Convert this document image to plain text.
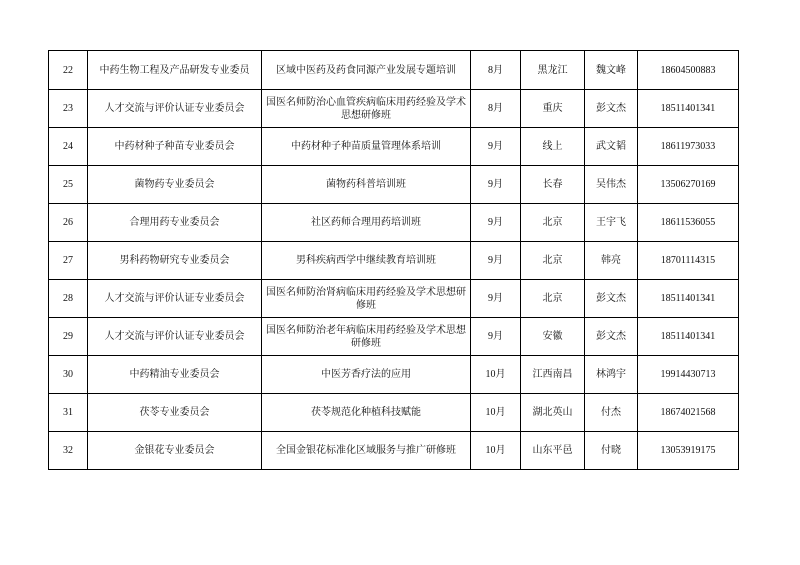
22	中药生物工程及产品研发专业委员	区域中医药及药食同源产业发展专题培训	8月	黑龙江	魏文峰	18604500883
23	人才交流与评价认证专业委员会	国医名师防治心血管疾病临床用药经验及学术思想研修班	8月	重庆	彭文杰	18511401341
24	中药材种子种苗专业委员会	中药材种子种苗质量管理体系培训	9月	线上	武文韬	18611973033
25	菌物药专业委员会	菌物药科普培训班	9月	长春	吴伟杰	13506270169
26	合理用药专业委员会	社区药师合理用药培训班	9月	北京	王宇飞	18611536055
27	男科药物研究专业委员会	男科疾病西学中继续教育培训班	9月	北京	韩亮	18701114315
28	人才交流与评价认证专业委员会	国医名师防治肾病临床用药经验及学术思想研修班	9月	北京	彭文杰	18511401341
29	人才交流与评价认证专业委员会	国医名师防治老年病临床用药经验及学术思想研修班	9月	安徽	彭文杰	18511401341
30	中药精油专业委员会	中医芳香疗法的应用	10月	江西南昌	林鸿宇	19914430713
31	茯苓专业委员会	茯苓规范化种植科技赋能	10月	湖北英山	付杰	18674021568
32	金银花专业委员会	全国金银花标准化区域服务与推广研修班	10月	山东平邑	付晓	13053919175
